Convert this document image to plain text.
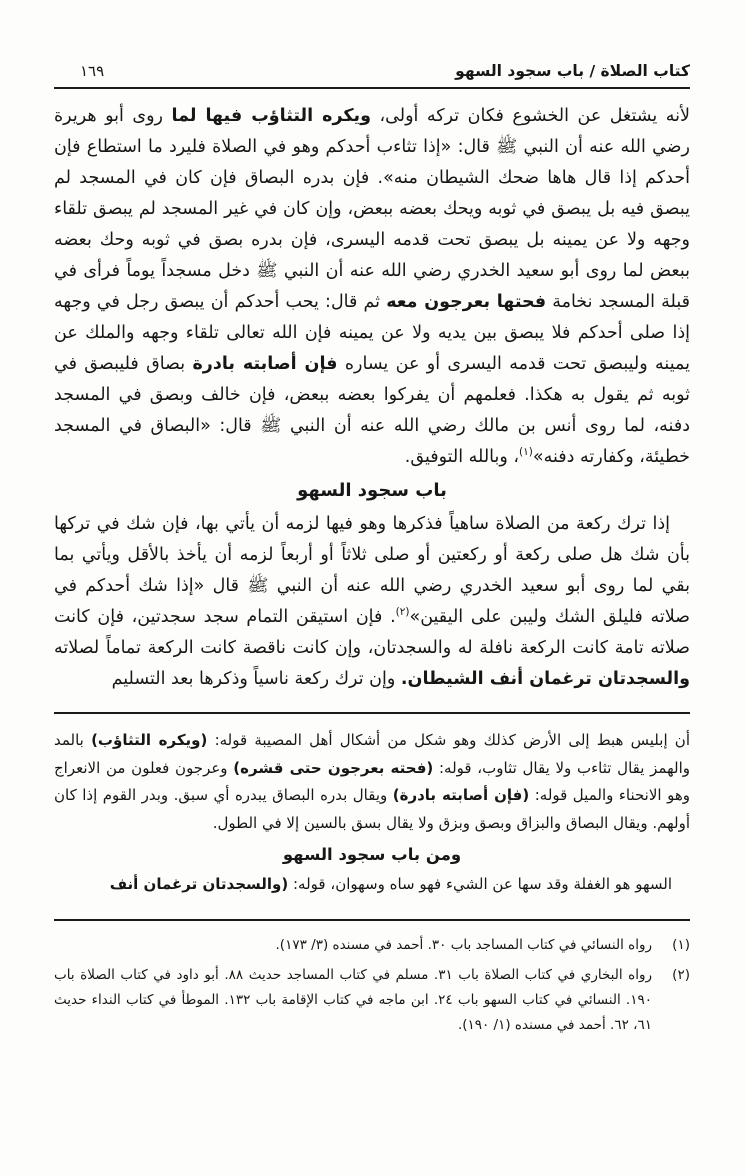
كتاب الصلاة / باب سجود السهو
١٦٩

لأنه يشتغل عن الخشوع فكان تركه أولى، ويكره التثاؤب فيها لما روى أبو هريرة رضي الله عنه أن النبي ﷺ قال: «إذا تثاءب أحدكم وهو في الصلاة فليرد ما استطاع فإن أحدكم إذا قال هاها ضحك الشيطان منه». فإن بدره البصاق فإن كان في المسجد لم يبصق فيه بل يبصق في ثوبه ويحك بعضه ببعض، وإن كان في غير المسجد لم يبصق تلقاء وجهه ولا عن يمينه بل يبصق تحت قدمه اليسرى، فإن بدره بصق في ثوبه وحك بعضه ببعض لما روى أبو سعيد الخدري رضي الله عنه أن النبي ﷺ دخل مسجداً يوماً فرأى في قبلة المسجد نخامة فحتها بعرجون معه ثم قال: يحب أحدكم أن يبصق رجل في وجهه إذا صلى أحدكم فلا يبصق بين يديه ولا عن يمينه فإن الله تعالى تلقاء وجهه والملك عن يمينه وليبصق تحت قدمه اليسرى أو عن يساره فإن أصابته بادرة بصاق فليبصق في ثوبه ثم يقول به هكذا. فعلمهم أن يفركوا بعضه ببعض، فإن خالف وبصق في المسجد دفنه، لما روى أنس بن مالك رضي الله عنه أن النبي ﷺ قال: «البصاق في المسجد خطيئة، وكفارته دفنه»$^{(١)}$، وبالله التوفيق.

باب سجود السهو

إذا ترك ركعة من الصلاة ساهياً فذكرها وهو فيها لزمه أن يأتي بها، فإن شك في تركها بأن شك هل صلى ركعة أو ركعتين أو صلى ثلاثاً أو أربعاً لزمه أن يأخذ بالأقل ويأتي بما بقي لما روى أبو سعيد الخدري رضي الله عنه أن النبي ﷺ قال «إذا شك أحدكم في صلاته فليلق الشك وليبن على اليقين»$^{(٢)}$. فإن استيقن التمام سجد سجدتين، فإن كانت صلاته تامة كانت الركعة نافلة له والسجدتان، وإن كانت ناقصة كانت الركعة تماماً لصلاته والسجدتان ترغمان أنف الشيطان. وإن ترك ركعة ناسياً وذكرها بعد التسليم

أن إبليس هبط إلى الأرض كذلك وهو شكل من أشكال أهل المصيبة قوله: (ويكره التثاؤب) بالمد والهمز يقال تثاءب ولا يقال تثاوب، قوله: (فحته بعرجون حتى قشره) وعرجون فعلون من الانعراج وهو الانحناء والميل قوله: (فإن أصابته بادرة) ويقال بدره البصاق يبدره أي سبق. وبدر القوم إذا كان أولهم. ويقال البصاق والبزاق وبصق وبزق ولا يقال بسق بالسين إلا في الطول.

ومن باب سجود السهو

السهو هو الغفلة وقد سها عن الشيء فهو ساه وسهوان، قوله: (والسجدتان ترغمان أنف

(١)
رواه النسائي في كتاب المساجد باب ٣٠. أحمد في مسنده (٣/ ١٧٣).
(٢)
رواه البخاري في كتاب الصلاة باب ٣١. مسلم في كتاب المساجد حديث ٨٨. أبو داود في كتاب الصلاة باب ١٩٠. النسائي في كتاب السهو باب ٢٤. ابن ماجه في كتاب الإقامة باب ١٣٢. الموطأ في كتاب النداء حديث ٦١، ٦٢. أحمد في مسنده (١/ ١٩٠).
